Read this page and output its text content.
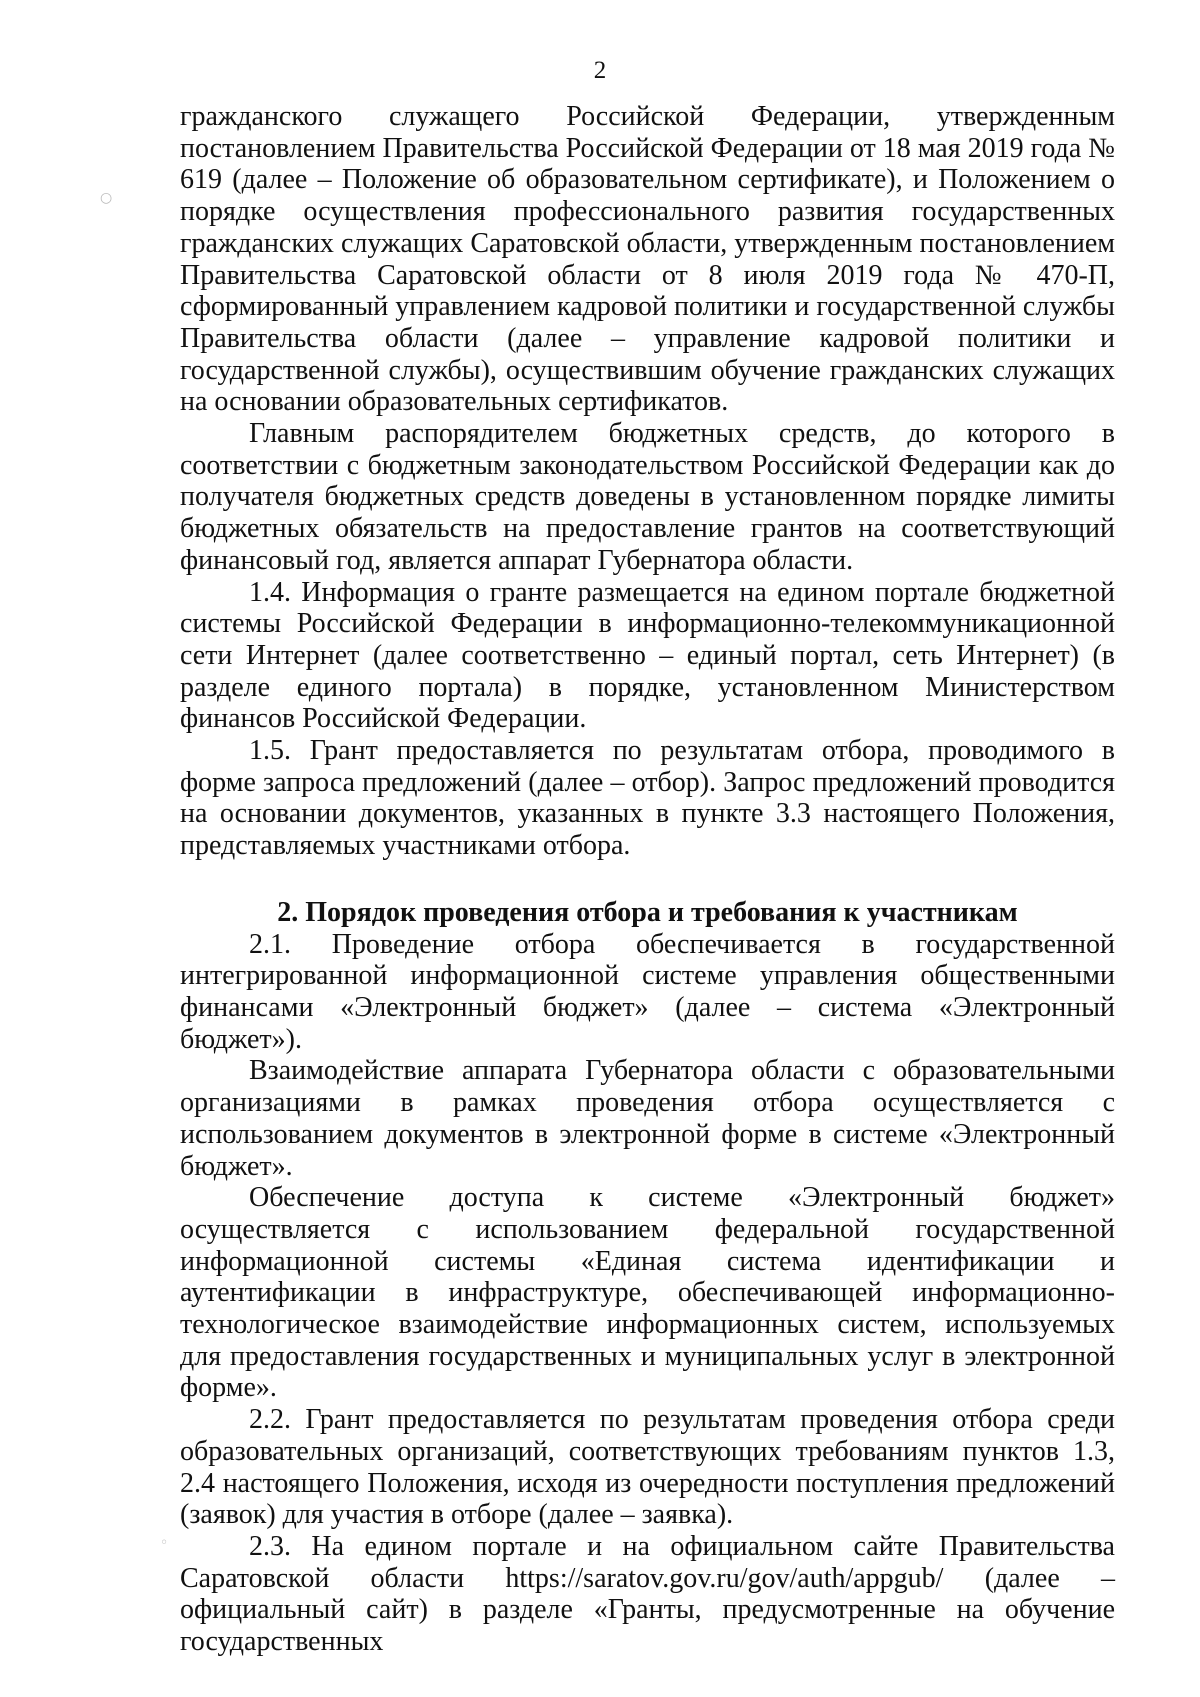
2

гражданского служащего Российской Федерации, утвержденным постановлением Правительства Российской Федерации от 18 мая 2019 года № 619 (далее – Положение об образовательном сертификате), и Положением о порядке осуществления профессионального развития государственных гражданских служащих Саратовской области, утвержденным постановлением Правительства Саратовской области от 8 июля 2019 года № 470-П, сформированный управлением кадровой политики и государственной службы Правительства области (далее – управление кадровой политики и государственной службы), осуществившим обучение гражданских служащих на основании образовательных сертификатов.

Главным распорядителем бюджетных средств, до которого в соответствии с бюджетным законодательством Российской Федерации как до получателя бюджетных средств доведены в установленном порядке лимиты бюджетных обязательств на предоставление грантов на соответствующий финансовый год, является аппарат Губернатора области.

1.4. Информация о гранте размещается на едином портале бюджетной системы Российской Федерации в информационно-телекоммуникационной сети Интернет (далее соответственно – единый портал, сеть Интернет) (в разделе единого портала) в порядке, установленном Министерством финансов Российской Федерации.

1.5. Грант предоставляется по результатам отбора, проводимого в форме запроса предложений (далее – отбор). Запрос предложений проводится на основании документов, указанных в пункте 3.3 настоящего Положения, представляемых участниками отбора.

2. Порядок проведения отбора и требования к участникам

2.1. Проведение отбора обеспечивается в государственной интегрированной информационной системе управления общественными финансами «Электронный бюджет» (далее – система «Электронный бюджет»).

Взаимодействие аппарата Губернатора области с образовательными организациями в рамках проведения отбора осуществляется с использованием документов в электронной форме в системе «Электронный бюджет».

Обеспечение доступа к системе «Электронный бюджет» осуществляется с использованием федеральной государственной информационной системы «Единая система идентификации и аутентификации в инфраструктуре, обеспечивающей информационно-технологическое взаимодействие информационных систем, используемых для предоставления государственных и муниципальных услуг в электронной форме».

2.2. Грант предоставляется по результатам проведения отбора среди образовательных организаций, соответствующих требованиям пунктов 1.3, 2.4 настоящего Положения, исходя из очередности поступления предложений (заявок) для участия в отборе (далее – заявка).

2.3. На едином портале и на официальном сайте Правительства Саратовской области https://saratov.gov.ru/gov/auth/appgub/ (далее – официальный сайт) в разделе «Гранты, предусмотренные на обучение государственных

○
◦
